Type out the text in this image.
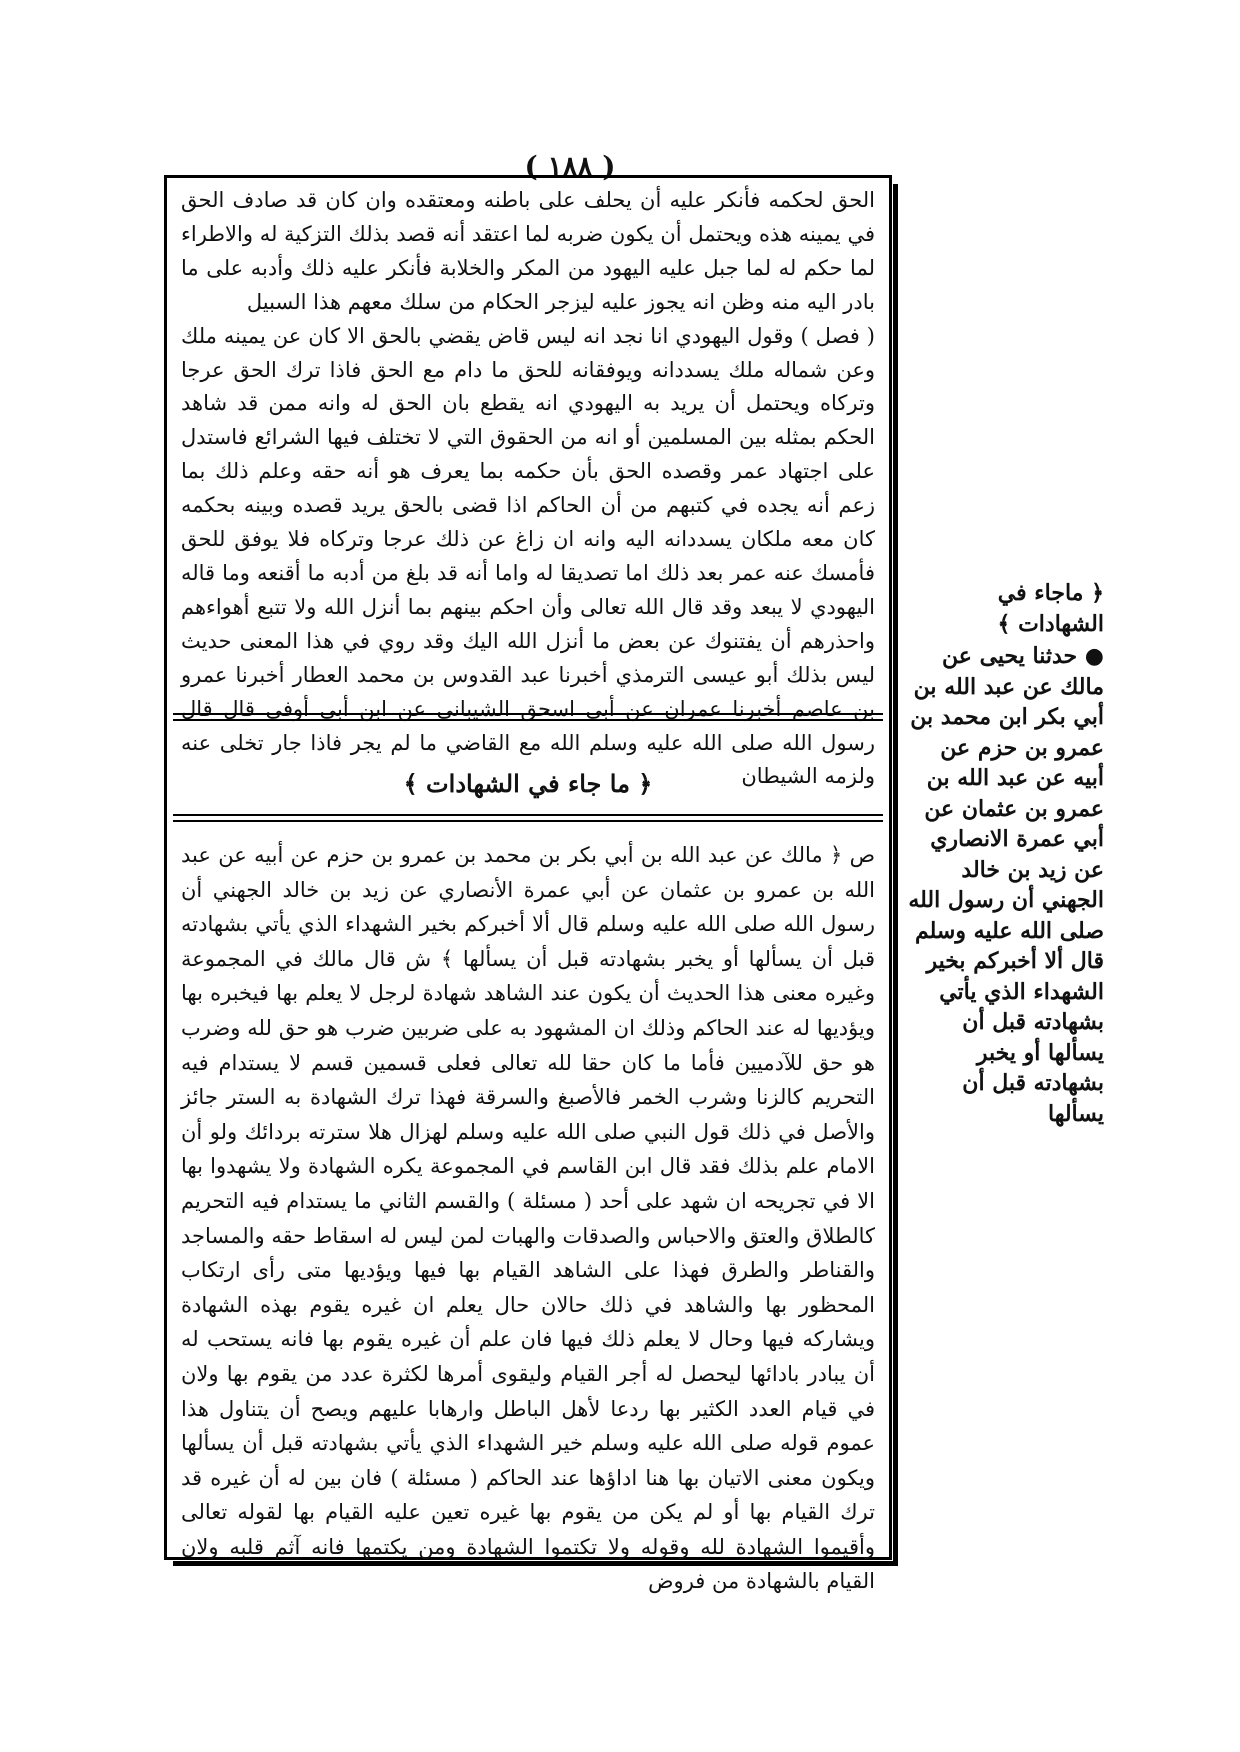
( ١٨٨ )

الحق لحكمه فأنكر عليه أن يحلف على باطنه ومعتقده وان كان قد صادف الحق في يمينه هذه ويحتمل أن يكون ضربه لما اعتقد أنه قصد بذلك التزكية له والاطراء لما حكم له لما جبل عليه اليهود من المكر والخلابة فأنكر عليه ذلك وأدبه على ما بادر اليه منه وظن انه يجوز عليه ليزجر الحكام من سلك معهم هذا السبيل

( فصل ) وقول اليهودي انا نجد انه ليس قاض يقضي بالحق الا كان عن يمينه ملك وعن شماله ملك يسددانه ويوفقانه للحق ما دام مع الحق فاذا ترك الحق عرجا وتركاه ويحتمل أن يريد به اليهودي انه يقطع بان الحق له وانه ممن قد شاهد الحكم بمثله بين المسلمين أو انه من الحقوق التي لا تختلف فيها الشرائع فاستدل على اجتهاد عمر وقصده الحق بأن حكمه بما يعرف هو أنه حقه وعلم ذلك بما زعم أنه يجده في كتبهم من أن الحاكم اذا قضى بالحق يريد قصده وبينه بحكمه كان معه ملكان يسددانه اليه وانه ان زاغ عن ذلك عرجا وتركاه فلا يوفق للحق فأمسك عنه عمر بعد ذلك اما تصديقا له واما أنه قد بلغ من أدبه ما أقنعه وما قاله اليهودي لا يبعد وقد قال الله تعالى وأن احكم بينهم بما أنزل الله ولا تتبع أهواءهم واحذرهم أن يفتنوك عن بعض ما أنزل الله اليك وقد روي في هذا المعنى حديث ليس بذلك أبو عيسى الترمذي أخبرنا عبد القدوس بن محمد العطار أخبرنا عمرو بن عاصم أخبرنا عمران عن أبي اسحق الشيباني عن ابن أبي أوفى قال قال رسول الله صلى الله عليه وسلم الله مع القاضي ما لم يجر فاذا جار تخلى عنه ولزمه الشيطان

﴿ ما جاء في الشهادات ﴾

ص ﴿ مالك عن عبد الله بن أبي بكر بن محمد بن عمرو بن حزم عن أبيه عن عبد الله بن عمرو بن عثمان عن أبي عمرة الأنصاري عن زيد بن خالد الجهني أن رسول الله صلى الله عليه وسلم قال ألا أخبركم بخير الشهداء الذي يأتي بشهادته قبل أن يسألها أو يخبر بشهادته قبل أن يسألها ﴾ ش قال مالك في المجموعة وغيره معنى هذا الحديث أن يكون عند الشاهد شهادة لرجل لا يعلم بها فيخبره بها ويؤديها له عند الحاكم وذلك ان المشهود به على ضربين ضرب هو حق لله وضرب هو حق للآدميين فأما ما كان حقا لله تعالى فعلى قسمين قسم لا يستدام فيه التحريم كالزنا وشرب الخمر فالأصبغ والسرقة فهذا ترك الشهادة به الستر جائز والأصل في ذلك قول النبي صلى الله عليه وسلم لهزال هلا سترته بردائك ولو أن الامام علم بذلك فقد قال ابن القاسم في المجموعة يكره الشهادة ولا يشهدوا بها الا في تجريحه ان شهد على أحد ( مسئلة ) والقسم الثاني ما يستدام فيه التحريم كالطلاق والعتق والاحباس والصدقات والهبات لمن ليس له اسقاط حقه والمساجد والقناطر والطرق فهذا على الشاهد القيام بها فيها ويؤديها متى رأى ارتكاب المحظور بها والشاهد في ذلك حالان حال يعلم ان غيره يقوم بهذه الشهادة ويشاركه فيها وحال لا يعلم ذلك فيها فان علم أن غيره يقوم بها فانه يستحب له أن يبادر بادائها ليحصل له أجر القيام وليقوى أمرها لكثرة عدد من يقوم بها ولان في قيام العدد الكثير بها ردعا لأهل الباطل وارهابا عليهم ويصح أن يتناول هذا عموم قوله صلى الله عليه وسلم خير الشهداء الذي يأتي بشهادته قبل أن يسألها ويكون معنى الاتيان بها هنا اداؤها عند الحاكم ( مسئلة ) فان بين له أن غيره قد ترك القيام بها أو لم يكن من يقوم بها غيره تعين عليه القيام بها لقوله تعالى وأقيموا الشهادة لله وقوله ولا تكتموا الشهادة ومن يكتمها فانه آثم قلبه ولان القيام بالشهادة من فروض

﴿ ماجاء في الشهادات ﴾

● حدثنا يحيى عن مالك عن عبد الله بن أبي بكر ابن محمد بن عمرو بن حزم عن أبيه عن عبد الله بن عمرو بن عثمان عن أبي عمرة الانصاري عن زيد بن خالد الجهني أن رسول الله صلى الله عليه وسلم قال ألا أخبركم بخير الشهداء الذي يأتي بشهادته قبل أن يسألها أو يخبر بشهادته قبل أن يسألها
